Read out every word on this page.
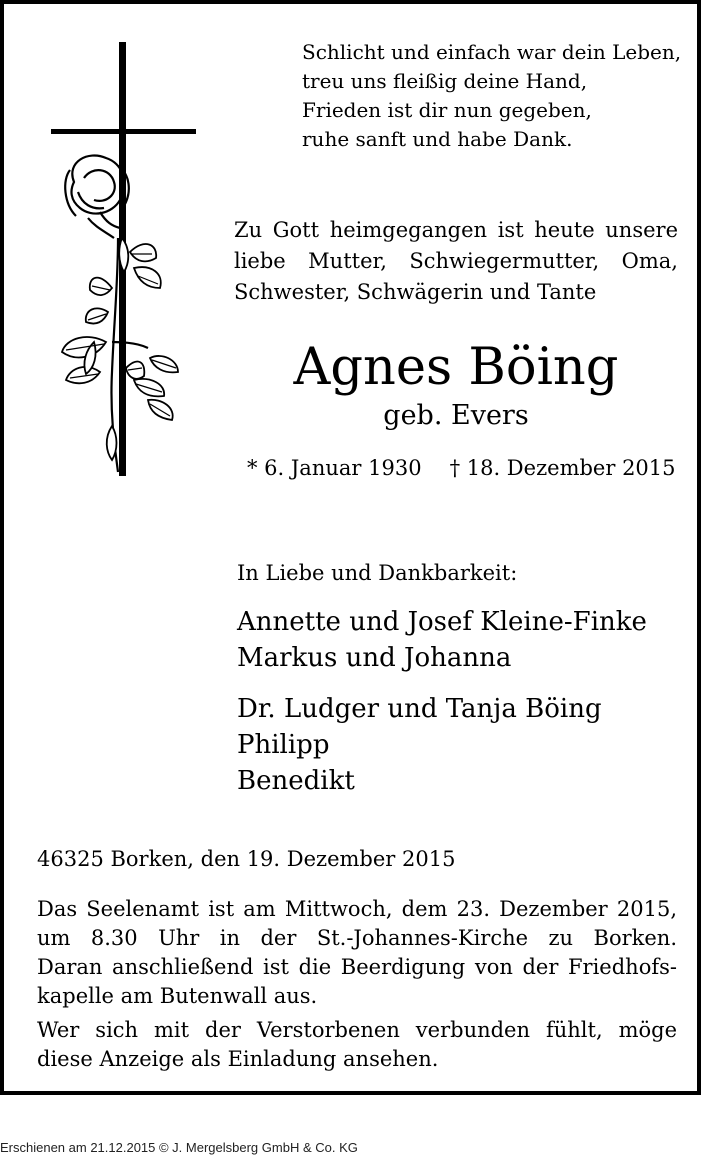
Schlicht und einfach war dein Leben,
treu uns fleißig deine Hand,
Frieden ist dir nun gegeben,
ruhe sanft und habe Dank.
Zu Gott heimgegangen ist heute unsere
liebe Mutter, Schwiegermutter, Oma,
Schwester, Schwägerin und Tante
Agnes Böing
geb. Evers
* 6. Januar 1930 † 18. Dezember 2015
In Liebe und Dankbarkeit:
Annette und Josef Kleine-Finke
Markus und Johanna
Dr. Ludger und Tanja Böing
Philipp
Benedikt
46325 Borken, den 19. Dezember 2015
Das Seelenamt ist am Mittwoch, dem 23. Dezember 2015,
um 8.30 Uhr in der St.-Johannes-Kirche zu Borken.
Daran anschließend ist die Beerdigung von der Friedhofs-
kapelle am Butenwall aus.
Wer sich mit der Verstorbenen verbunden fühlt, möge
diese Anzeige als Einladung ansehen.
Erschienen am 21.12.2015 © J. Mergelsberg GmbH & Co. KG
